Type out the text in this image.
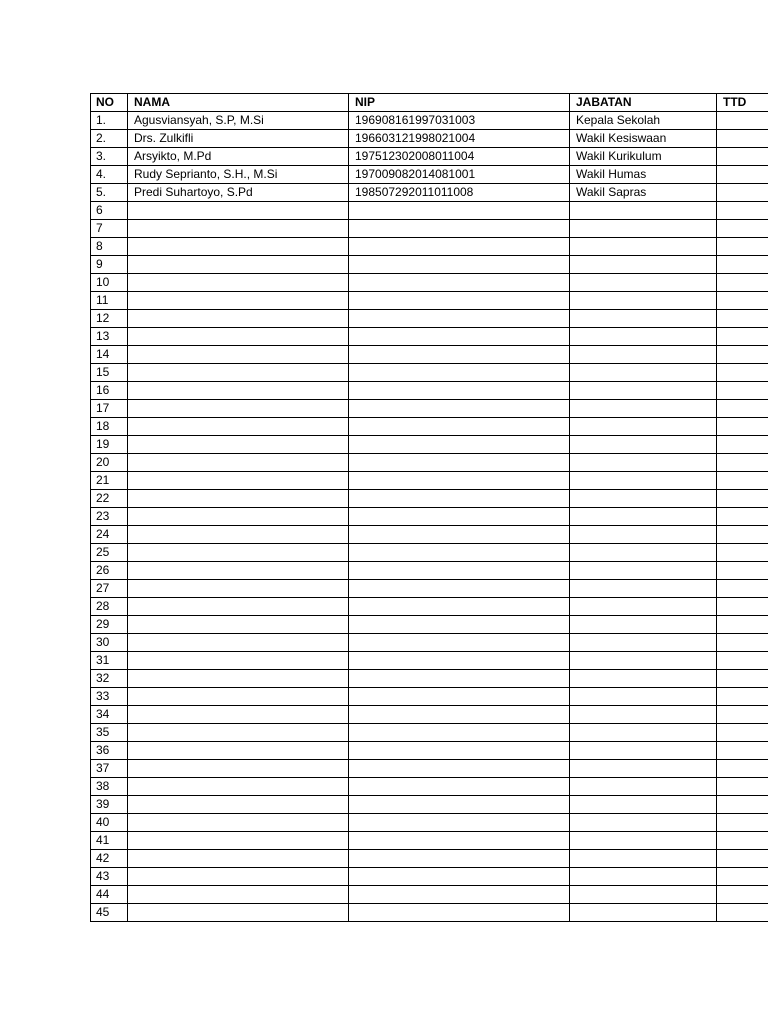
NO	NAMA	NIP	JABATAN	TTD
1.	Agusviansyah, S.P, M.Si	196908161997031003	Kepala Sekolah	
2.	Drs. Zulkifli	196603121998021004	Wakil Kesiswaan	
3.	Arsyikto, M.Pd	197512302008011004	Wakil Kurikulum	
4.	Rudy Seprianto, S.H., M.Si	197009082014081001	Wakil Humas	
5.	Predi Suhartoyo, S.Pd	198507292011011008	Wakil Sapras	
6				
7				
8				
9				
10				
11				
12				
13				
14				
15				
16				
17				
18				
19				
20				
21				
22				
23				
24				
25				
26				
27				
28				
29				
30				
31				
32				
33				
34				
35				
36				
37				
38				
39				
40				
41				
42				
43				
44				
45				
